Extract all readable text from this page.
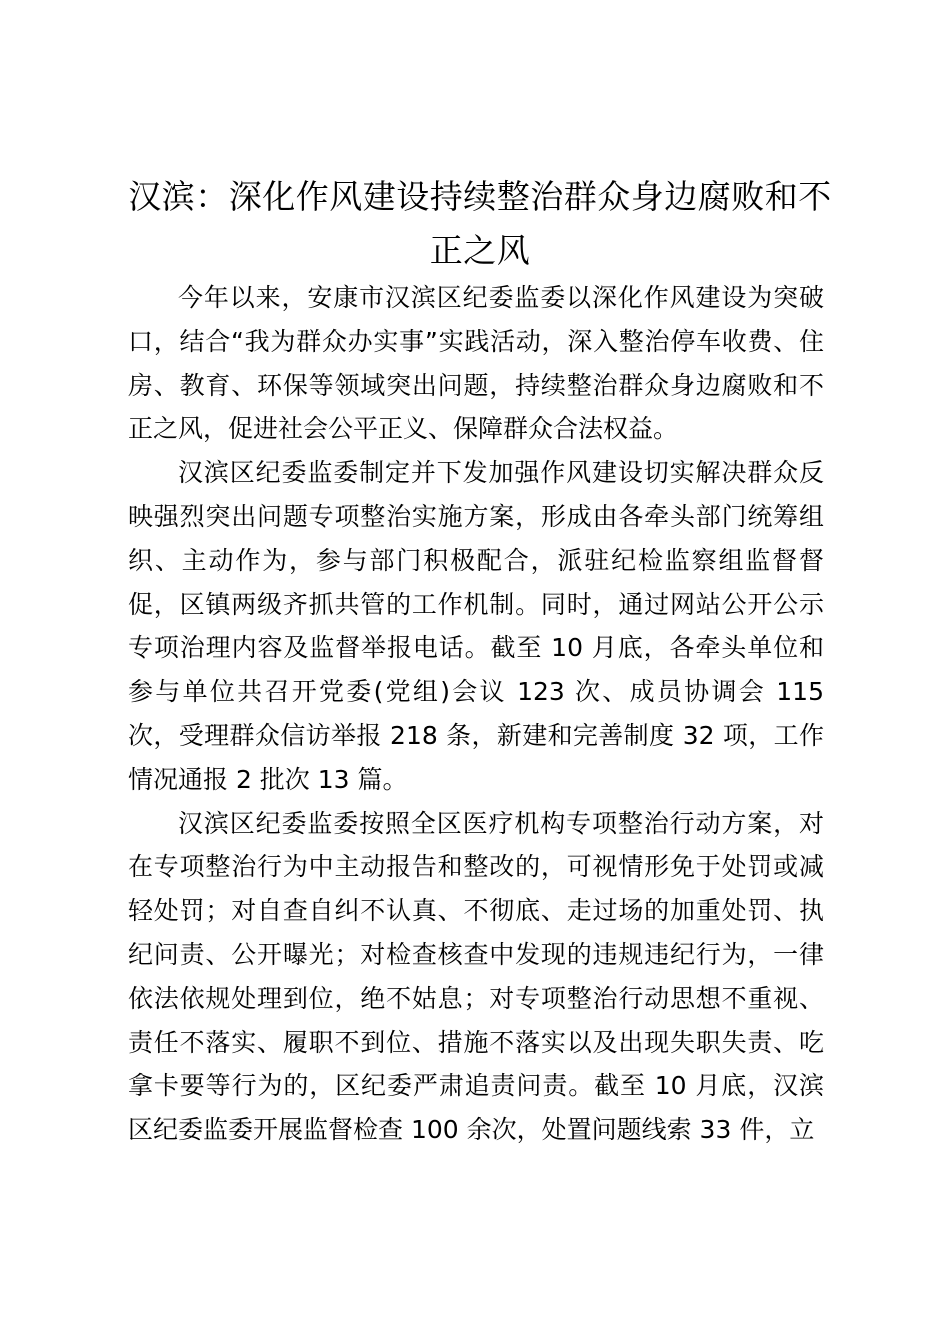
汉滨：深化作风建设持续整治群众身边腐败和不正之风

今年以来，安康市汉滨区纪委监委以深化作风建设为突破口，结合“我为群众办实事”实践活动，深入整治停车收费、住房、教育、环保等领域突出问题，持续整治群众身边腐败和不正之风，促进社会公平正义、保障群众合法权益。

汉滨区纪委监委制定并下发加强作风建设切实解决群众反映强烈突出问题专项整治实施方案，形成由各牵头部门统筹组织、主动作为，参与部门积极配合，派驻纪检监察组监督督促，区镇两级齐抓共管的工作机制。同时，通过网站公开公示专项治理内容及监督举报电话。截至 10 月底，各牵头单位和参与单位共召开党委(党组)会议 123 次、成员协调会 115 次，受理群众信访举报 218 条，新建和完善制度 32 项，工作情况通报 2 批次 13 篇。

汉滨区纪委监委按照全区医疗机构专项整治行动方案，对在专项整治行为中主动报告和整改的，可视情形免于处罚或减轻处罚；对自查自纠不认真、不彻底、走过场的加重处罚、执纪问责、公开曝光；对检查核查中发现的违规违纪行为，一律依法依规处理到位，绝不姑息；对专项整治行动思想不重视、责任不落实、履职不到位、措施不落实以及出现失职失责、吃拿卡要等行为的，区纪委严肃追责问责。截至 10 月底，汉滨区纪委监委开展监督检查 100 余次，处置问题线索 33 件，立
